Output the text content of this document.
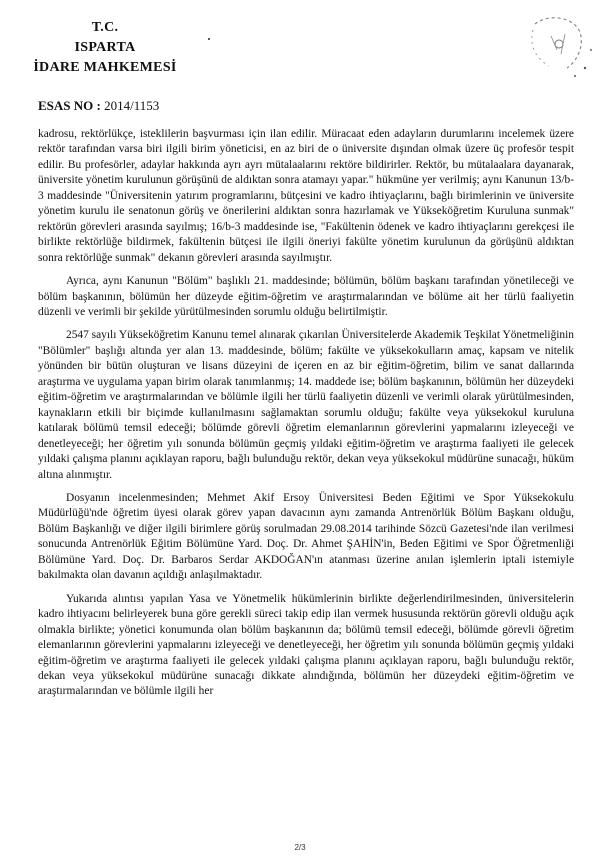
T.C.
ISPARTA
İDARE MAHKEMESİ
ESAS NO : 2014/1153

kadrosu, rektörlükçe, isteklilerin başvurması için ilan edilir. Müracaat eden adayların durumlarını incelemek üzere rektör tarafından varsa biri ilgili birim yöneticisi, en az biri de o üniversite dışından olmak üzere üç profesör tespit edilir. Bu profesörler, adaylar hakkında ayrı ayrı mütalaalarını rektöre bildirirler. Rektör, bu mütalaalara dayanarak, üniversite yönetim kurulunun görüşünü de aldıktan sonra atamayı yapar." hükmüne yer verilmiş; aynı Kanunun 13/b-3 maddesinde "Üniversitenin yatırım programlarını, bütçesini ve kadro ihtiyaçlarını, bağlı birimlerinin ve üniversite yönetim kurulu ile senatonun görüş ve önerilerini aldıktan sonra hazırlamak ve Yükseköğretim Kuruluna sunmak" rektörün görevleri arasında sayılmış; 16/b-3 maddesinde ise, "Fakültenin ödenek ve kadro ihtiyaçlarını gerekçesi ile birlikte rektörlüğe bildirmek, fakültenin bütçesi ile ilgili öneriyi fakülte yönetim kurulunun da görüşünü aldıktan sonra rektörlüğe sunmak" dekanın görevleri arasında sayılmıştır.

Ayrıca, aynı Kanunun "Bölüm" başlıklı 21. maddesinde; bölümün, bölüm başkanı tarafından yönetileceği ve bölüm başkanının, bölümün her düzeyde eğitim-öğretim ve araştırmalarından ve bölüme ait her türlü faaliyetin düzenli ve verimli bir şekilde yürütülmesinden sorumlu olduğu belirtilmiştir.

2547 sayılı Yükseköğretim Kanunu temel alınarak çıkarılan Üniversitelerde Akademik Teşkilat Yönetmeliğinin "Bölümler" başlığı altında yer alan 13. maddesinde, bölüm; fakülte ve yüksekokulların amaç, kapsam ve nitelik yönünden bir bütün oluşturan ve lisans düzeyini de içeren en az bir eğitim-öğretim, bilim ve sanat dallarında araştırma ve uygulama yapan birim olarak tanımlanmış; 14. maddede ise; bölüm başkanının, bölümün her düzeydeki eğitim-öğretim ve araştırmalarından ve bölümle ilgili her türlü faaliyetin düzenli ve verimli olarak yürütülmesinden, kaynakların etkili bir biçimde kullanılmasını sağlamaktan sorumlu olduğu; fakülte veya yüksekokul kuruluna katılarak bölümü temsil edeceği; bölümde görevli öğretim elemanlarının görevlerini yapmalarını izleyeceği ve denetleyeceği; her öğretim yılı sonunda bölümün geçmiş yıldaki eğitim-öğretim ve araştırma faaliyeti ile gelecek yıldaki çalışma planını açıklayan raporu, bağlı bulunduğu rektör, dekan veya yüksekokul müdürüne sunacağı, hüküm altına alınmıştır.

Dosyanın incelenmesinden; Mehmet Akif Ersoy Üniversitesi Beden Eğitimi ve Spor Yüksekokulu Müdürlüğü'nde öğretim üyesi olarak görev yapan davacının aynı zamanda Antrenörlük Bölüm Başkanı olduğu, Bölüm Başkanlığı ve diğer ilgili birimlere görüş sorulmadan 29.08.2014 tarihinde Sözcü Gazetesi'nde ilan verilmesi sonucunda Antrenörlük Eğitim Bölümüne Yard. Doç. Dr. Ahmet ŞAHİN'in, Beden Eğitimi ve Spor Öğretmenliği Bölümüne Yard. Doç. Dr. Barbaros Serdar AKDOĞAN'ın atanması üzerine anılan işlemlerin iptali istemiyle bakılmakta olan davanın açıldığı anlaşılmaktadır.

Yukarıda alıntısı yapılan Yasa ve Yönetmelik hükümlerinin birlikte değerlendirilmesinden, üniversitelerin kadro ihtiyacını belirleyerek buna göre gerekli süreci takip edip ilan vermek hususunda rektörün görevli olduğu açık olmakla birlikte; yönetici konumunda olan bölüm başkanının da; bölümü temsil edeceği, bölümde görevli öğretim elemanlarının görevlerini yapmalarını izleyeceği ve denetleyeceği, her öğretim yılı sonunda bölümün geçmiş yıldaki eğitim-öğretim ve araştırma faaliyeti ile gelecek yıldaki çalışma planını açıklayan raporu, bağlı bulunduğu rektör, dekan veya yüksekokul müdürüne sunacağı dikkate alındığında, bölümün her düzeydeki eğitim-öğretim ve araştırmalarından ve bölümle ilgili her

2/3
